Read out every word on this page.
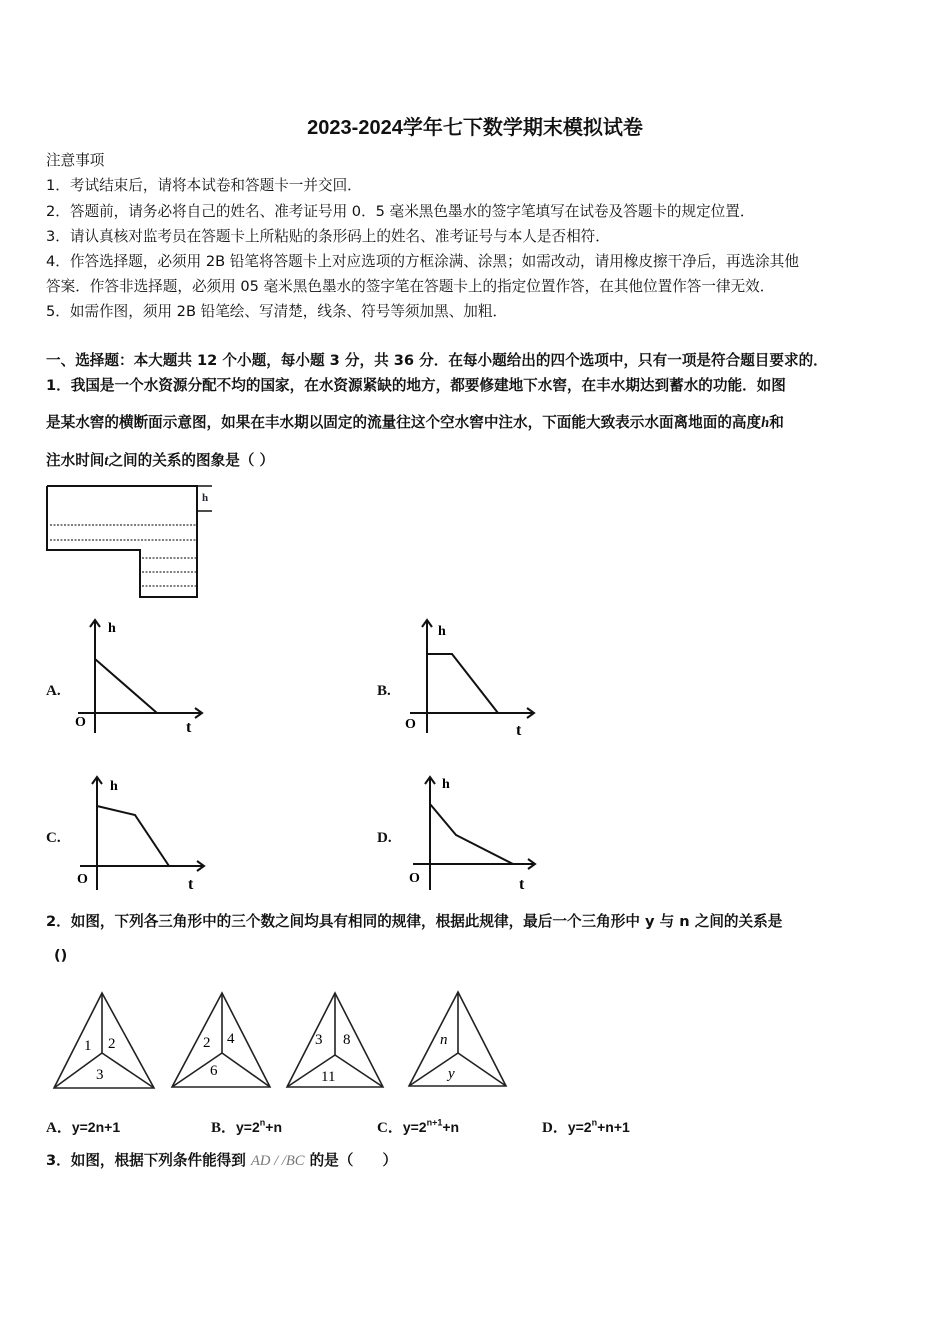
2023-2024学年七下数学期末模拟试卷
注意事项
1．考试结束后，请将本试卷和答题卡一并交回．
2．答题前，请务必将自己的姓名、准考证号用 0．5 毫米黑色墨水的签字笔填写在试卷及答题卡的规定位置．
3．请认真核对监考员在答题卡上所粘贴的条形码上的姓名、准考证号与本人是否相符．
4．作答选择题，必须用 2B 铅笔将答题卡上对应选项的方框涂满、涂黑；如需改动，请用橡皮擦干净后，再选涂其他
答案．作答非选择题，必须用 05 毫米黑色墨水的签字笔在答题卡上的指定位置作答，在其他位置作答一律无效．
5．如需作图，须用 2B 铅笔绘、写清楚，线条、符号等须加黑、加粗．
一、选择题：本大题共 12 个小题，每小题 3 分，共 36 分．在每小题给出的四个选项中，只有一项是符合题目要求的．
1．我国是一个水资源分配不均的国家，在水资源紧缺的地方，都要修建地下水窖，在丰水期达到蓄水的功能．如图
是某水窖的横断面示意图，如果在丰水期以固定的流量往这个空水窖中注水，下面能大致表示水面离地面的高度h和
注水时间t之间的关系的图象是（ ）
h
A.
h
t
O
B.
h
t
O
C.
h
t
O
D.
h
t
O
2．如图，下列各三角形中的三个数之间均具有相同的规律，根据此规律，最后一个三角形中 y 与 n 之间的关系是
()
1 2
3
2 4
6
3 8
11
n
y
A．y=2n+1	B．$y=2^n+n$	C．$y=2^{n+1}+n$	D．$y=2^n+n+1$
3．如图，根据下列条件能得到 AD / /BC 的是（　　）
